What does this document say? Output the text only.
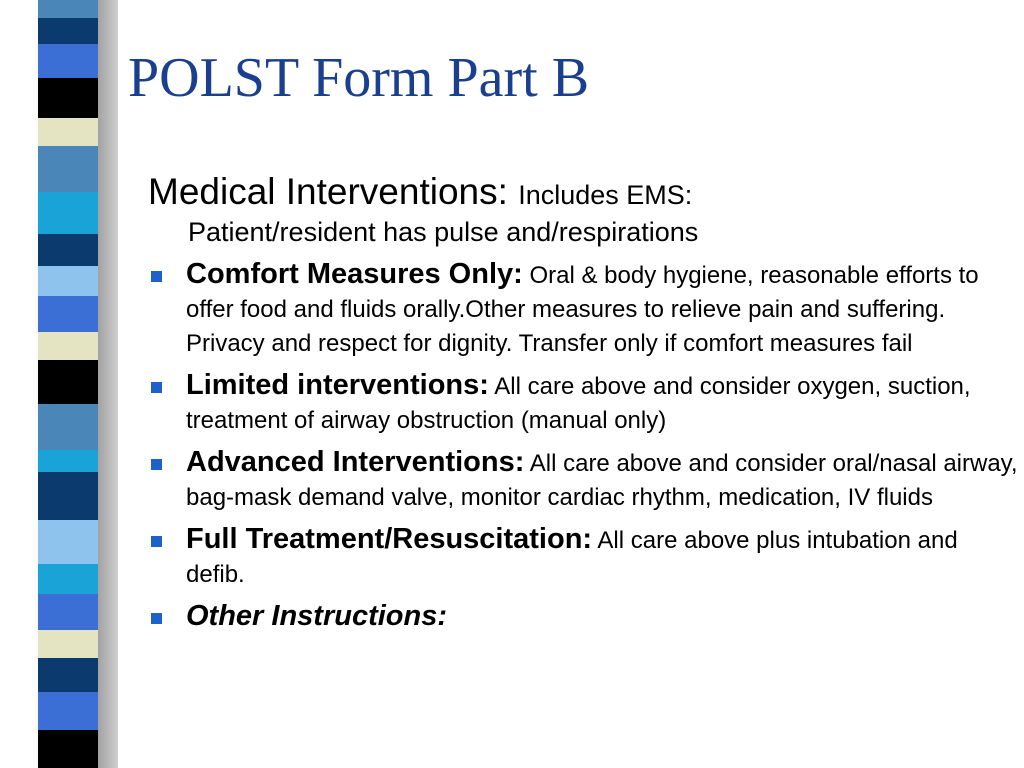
POLST Form Part B
Medical Interventions: Includes EMS:
Patient/resident has pulse and/respirations
Comfort Measures Only: Oral & body hygiene, reasonable efforts to offer food and fluids orally.Other measures to relieve pain and suffering. Privacy and respect for dignity. Transfer only if comfort measures fail
Limited interventions: All care above and consider oxygen, suction, treatment of airway obstruction (manual only)
Advanced Interventions: All care above and consider oral/nasal airway, bag-mask demand valve, monitor cardiac rhythm, medication, IV fluids
Full Treatment/Resuscitation: All care above plus intubation and defib.
Other Instructions:
